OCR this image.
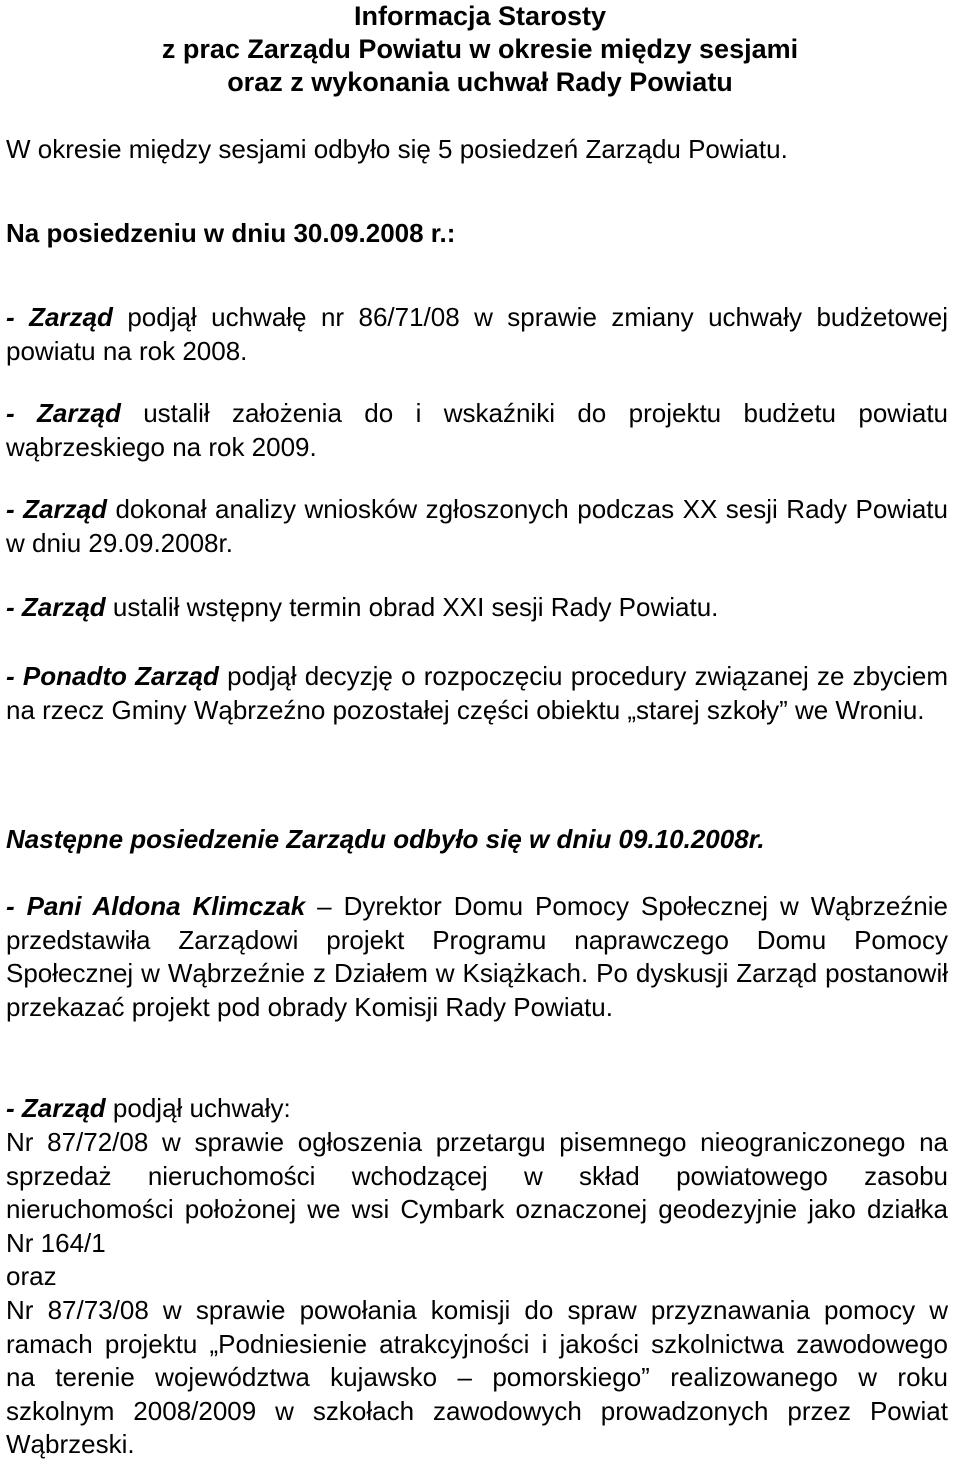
Informacja Starosty
z prac Zarządu Powiatu w okresie między sesjami
oraz z wykonania uchwał Rady Powiatu

W okresie między sesjami odbyło się 5 posiedzeń Zarządu Powiatu.

Na posiedzeniu w dniu 30.09.2008 r.:

- Zarząd podjął uchwałę nr 86/71/08 w sprawie zmiany uchwały budżetowej powiatu na rok 2008.

- Zarząd ustalił założenia do i wskaźniki do projektu budżetu powiatu wąbrzeskiego na rok 2009.

- Zarząd dokonał analizy wniosków zgłoszonych podczas XX sesji Rady Powiatu w dniu 29.09.2008r.

- Zarząd ustalił wstępny termin obrad XXI sesji Rady Powiatu.

- Ponadto Zarząd podjął decyzję o rozpoczęciu procedury związanej ze zbyciem na rzecz Gminy Wąbrzeźno pozostałej części obiektu „starej szkoły” we Wroniu.

Następne posiedzenie Zarządu odbyło się w dniu 09.10.2008r.

- Pani Aldona Klimczak – Dyrektor Domu Pomocy Społecznej w Wąbrzeźnie przedstawiła Zarządowi projekt Programu naprawczego Domu Pomocy Społecznej w Wąbrzeźnie z Działem w Książkach. Po dyskusji Zarząd postanowił przekazać projekt pod obrady Komisji Rady Powiatu.

- Zarząd podjął uchwały:

Nr 87/72/08 w sprawie ogłoszenia przetargu pisemnego nieograniczonego na sprzedaż nieruchomości wchodzącej w skład powiatowego zasobu nieruchomości położonej we wsi Cymbark oznaczonej geodezyjnie jako działka Nr 164/1

oraz

Nr 87/73/08 w sprawie powołania komisji do spraw przyznawania pomocy w ramach projektu „Podniesienie atrakcyjności i jakości szkolnictwa zawodowego na terenie województwa kujawsko – pomorskiego” realizowanego w roku szkolnym 2008/2009 w szkołach zawodowych prowadzonych przez Powiat Wąbrzeski.
